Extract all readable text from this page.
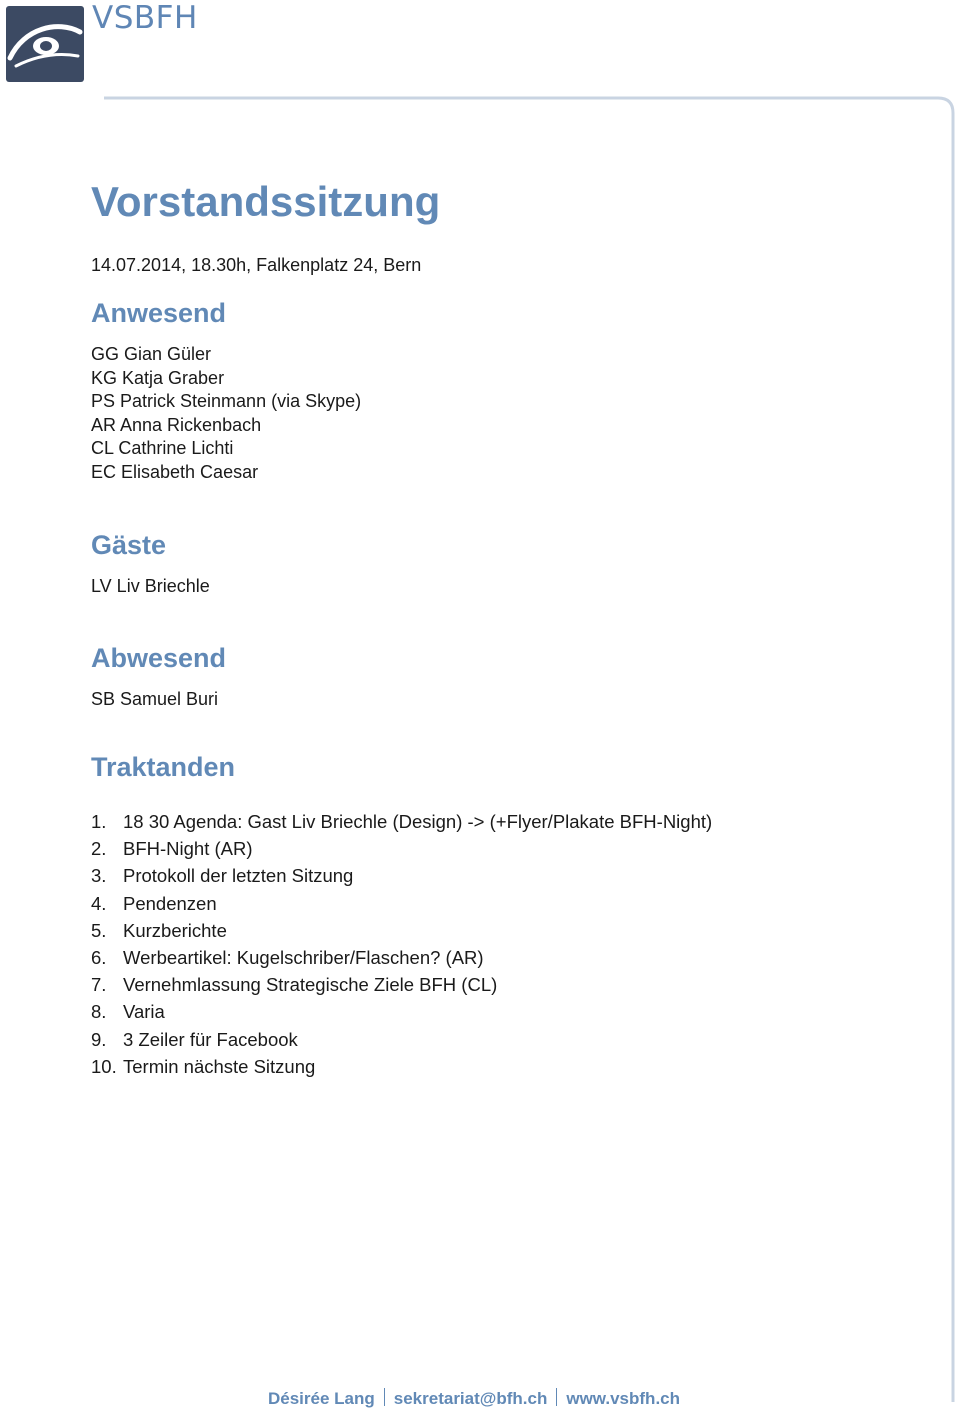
VSBFH
Vorstandssitzung
14.07.2014, 18.30h, Falkenplatz 24, Bern
Anwesend
GG Gian Güler
KG Katja Graber
PS Patrick Steinmann (via Skype)
AR Anna Rickenbach
CL Cathrine Lichti
EC Elisabeth Caesar
Gäste
LV Liv Briechle
Abwesend
SB Samuel Buri
Traktanden
1. 18 30 Agenda: Gast Liv Briechle (Design) -> (+Flyer/Plakate BFH-Night)
2. BFH-Night (AR)
3. Protokoll der letzten Sitzung
4. Pendenzen
5. Kurzberichte
6. Werbeartikel: Kugelschriber/Flaschen? (AR)
7. Vernehmlassung Strategische Ziele BFH (CL)
8. Varia
9. 3 Zeiler für Facebook
10. Termin nächste Sitzung
Désirée Lang sekretariat@bfh.ch www.vsbfh.ch
